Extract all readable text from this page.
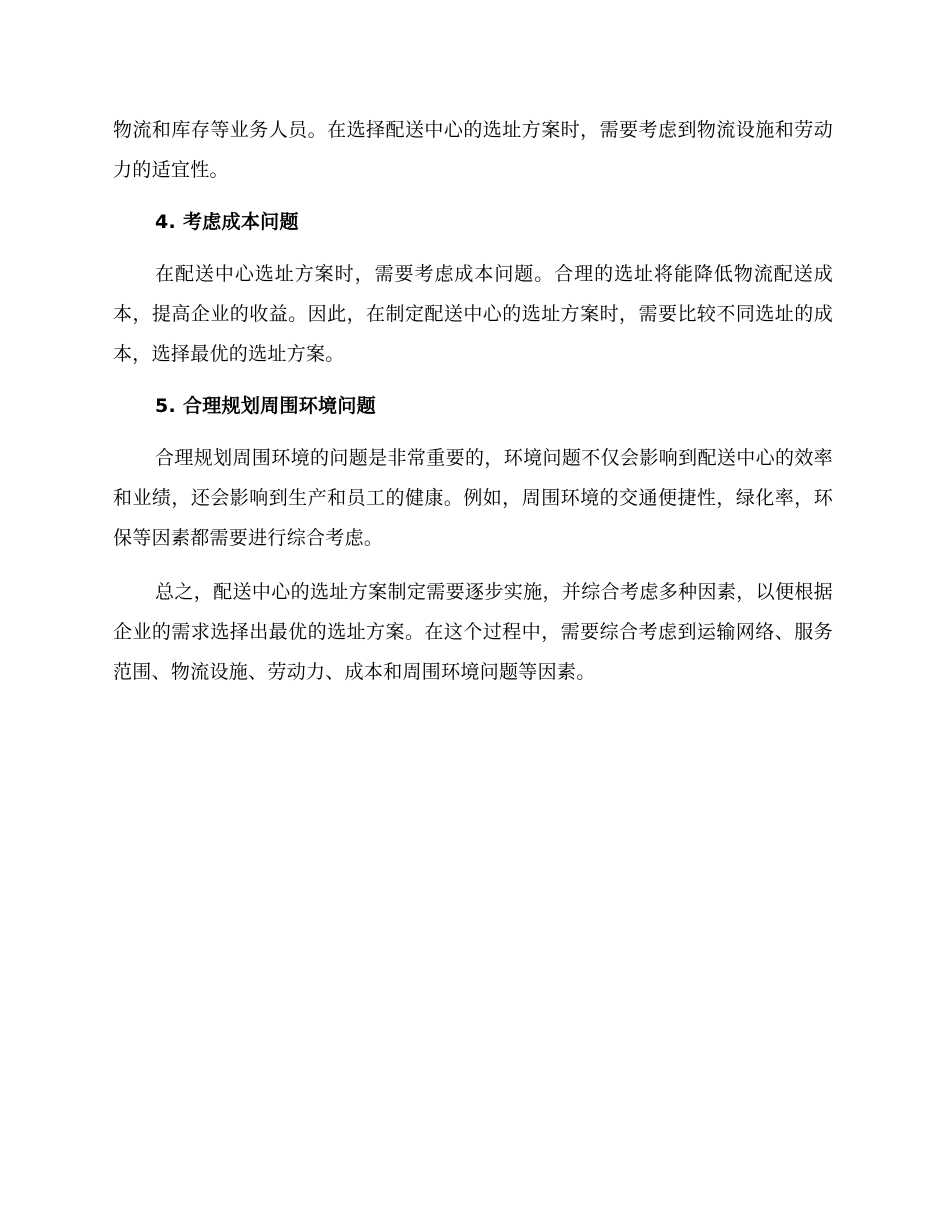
物流和库存等业务人员。在选择配送中心的选址方案时，需要考虑到物流设施和劳动力的适宜性。

4. 考虑成本问题

在配送中心选址方案时，需要考虑成本问题。合理的选址将能降低物流配送成本，提高企业的收益。因此，在制定配送中心的选址方案时，需要比较不同选址的成本，选择最优的选址方案。

5. 合理规划周围环境问题

合理规划周围环境的问题是非常重要的，环境问题不仅会影响到配送中心的效率和业绩，还会影响到生产和员工的健康。例如，周围环境的交通便捷性，绿化率，环保等因素都需要进行综合考虑。

总之，配送中心的选址方案制定需要逐步实施，并综合考虑多种因素，以便根据企业的需求选择出最优的选址方案。在这个过程中，需要综合考虑到运输网络、服务范围、物流设施、劳动力、成本和周围环境问题等因素。
